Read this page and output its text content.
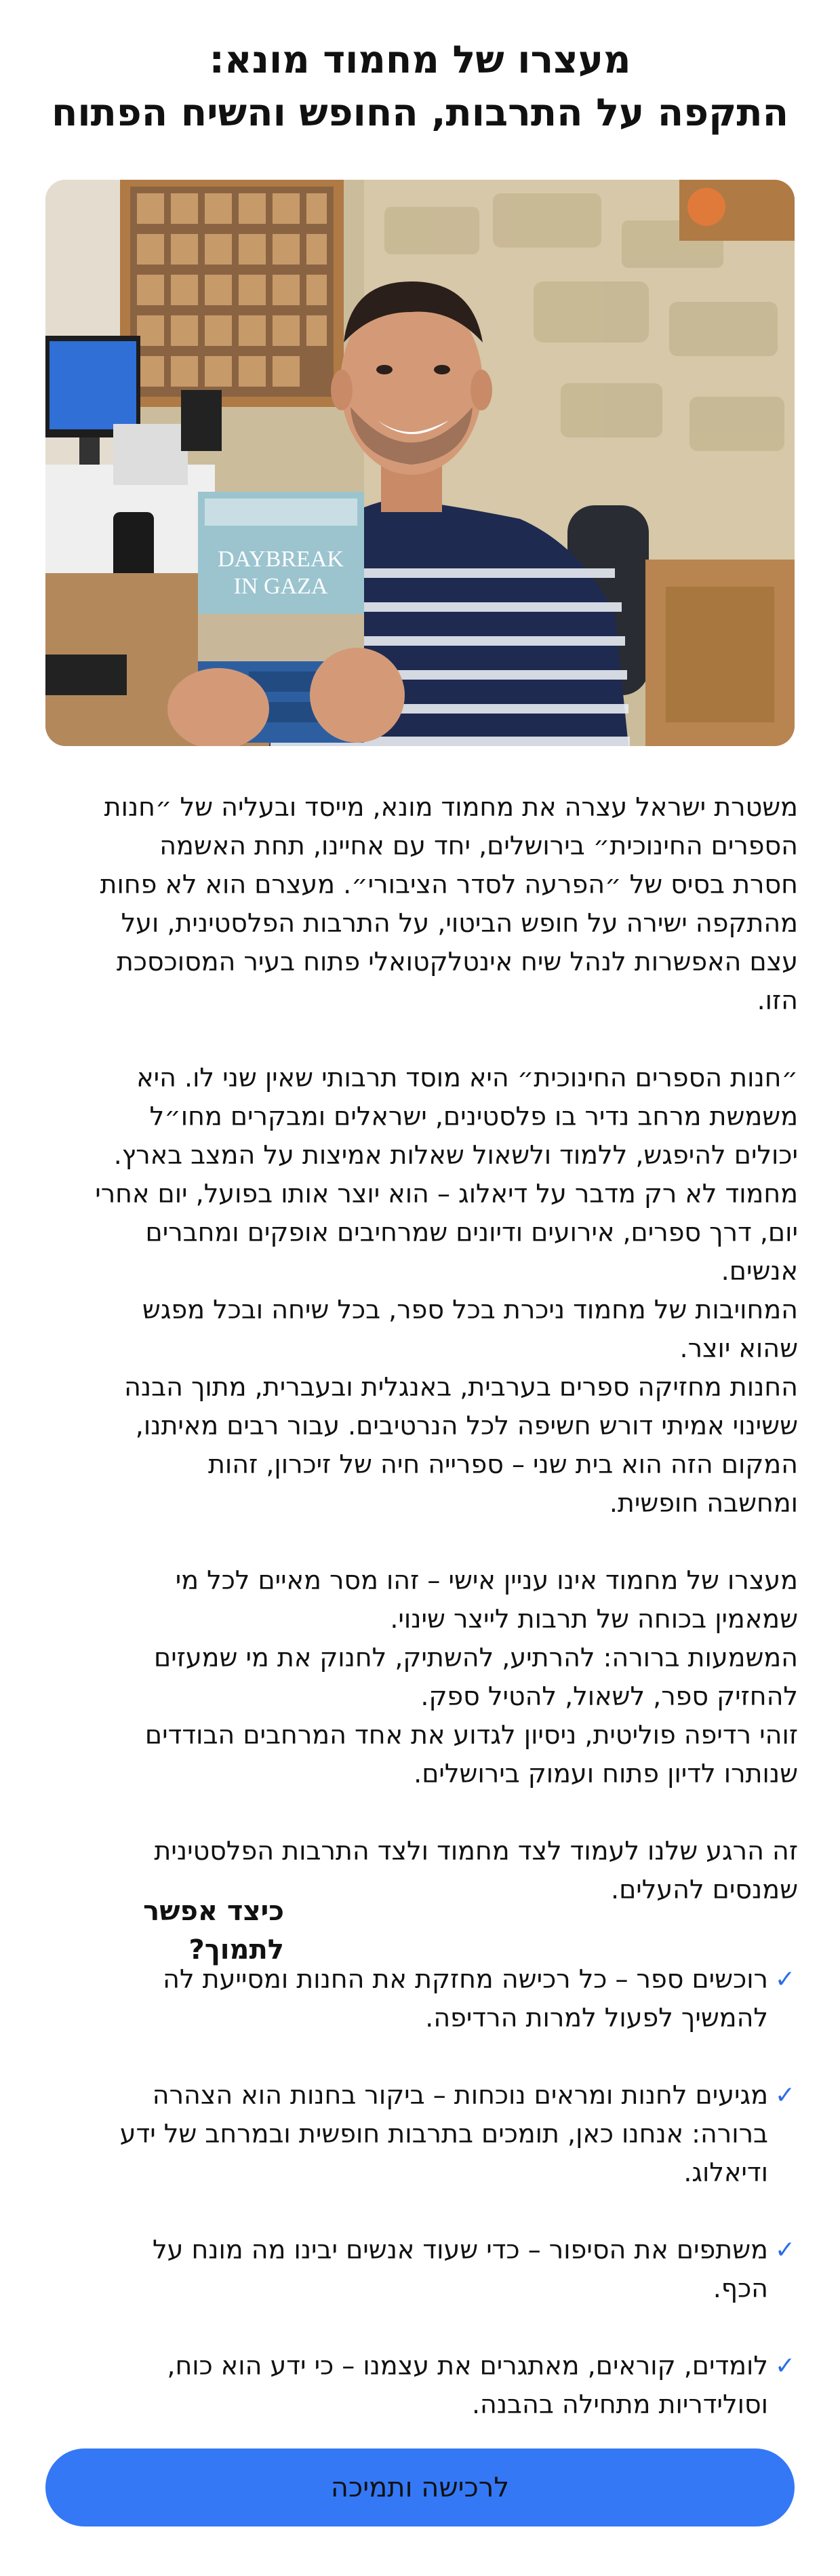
מעצרו של מחמוד מונא:
התקפה על התרבות, החופש והשיח הפתוח
DAYBREAK
IN GAZA
משטרת ישראל עצרה את מחמוד מונא, מייסד ובעליה של ״חנות
הספרים החינוכית״ בירושלים, יחד עם אחיינו, תחת האשמה
חסרת בסיס של ״הפרעה לסדר הציבורי״. מעצרם הוא לא פחות
מהתקפה ישירה על חופש הביטוי, על התרבות הפלסטינית, ועל
עצם האפשרות לנהל שיח אינטלקטואלי פתוח בעיר המסוכסכת
הזו.
״חנות הספרים החינוכית״ היא מוסד תרבותי שאין שני לו. היא
משמשת מרחב נדיר בו פלסטינים, ישראלים ומבקרים מחו״ל
יכולים להיפגש, ללמוד ולשאול שאלות אמיצות על המצב בארץ.
מחמוד לא רק מדבר על דיאלוג – הוא יוצר אותו בפועל, יום אחרי
יום, דרך ספרים, אירועים ודיונים שמרחיבים אופקים ומחברים
אנשים.
המחויבות של מחמוד ניכרת בכל ספר, בכל שיחה ובכל מפגש
שהוא יוצר.
החנות מחזיקה ספרים בערבית, באנגלית ובעברית, מתוך הבנה
ששינוי אמיתי דורש חשיפה לכל הנרטיבים. עבור רבים מאיתנו,
המקום הזה הוא בית שני – ספרייה חיה של זיכרון, זהות
ומחשבה חופשית.
מעצרו של מחמוד אינו עניין אישי – זהו מסר מאיים לכל מי
שמאמין בכוחה של תרבות לייצר שינוי.
המשמעות ברורה: להרתיע, להשתיק, לחנוק את מי שמעזים
להחזיק ספר, לשאול, להטיל ספק.
זוהי רדיפה פוליטית, ניסיון לגדוע את אחד המרחבים הבודדים
שנותרו לדיון פתוח ועמוק בירושלים.
זה הרגע שלנו לעמוד לצד מחמוד ולצד התרבות הפלסטינית
שמנסים להעלים.
כיצד אפשר לתמוך?
✓
רוכשים ספר – כל רכישה מחזקת את החנות ומסייעת לה
להמשיך לפעול למרות הרדיפה.
✓
מגיעים לחנות ומראים נוכחות – ביקור בחנות הוא הצהרה
ברורה: אנחנו כאן, תומכים בתרבות חופשית ובמרחב של ידע
ודיאלוג.
✓
משתפים את הסיפור – כדי שעוד אנשים יבינו מה מונח על
הכף.
✓
לומדים, קוראים, מאתגרים את עצמנו – כי ידע הוא כוח,
וסולידריות מתחילה בהבנה.
לרכישה ותמיכה
